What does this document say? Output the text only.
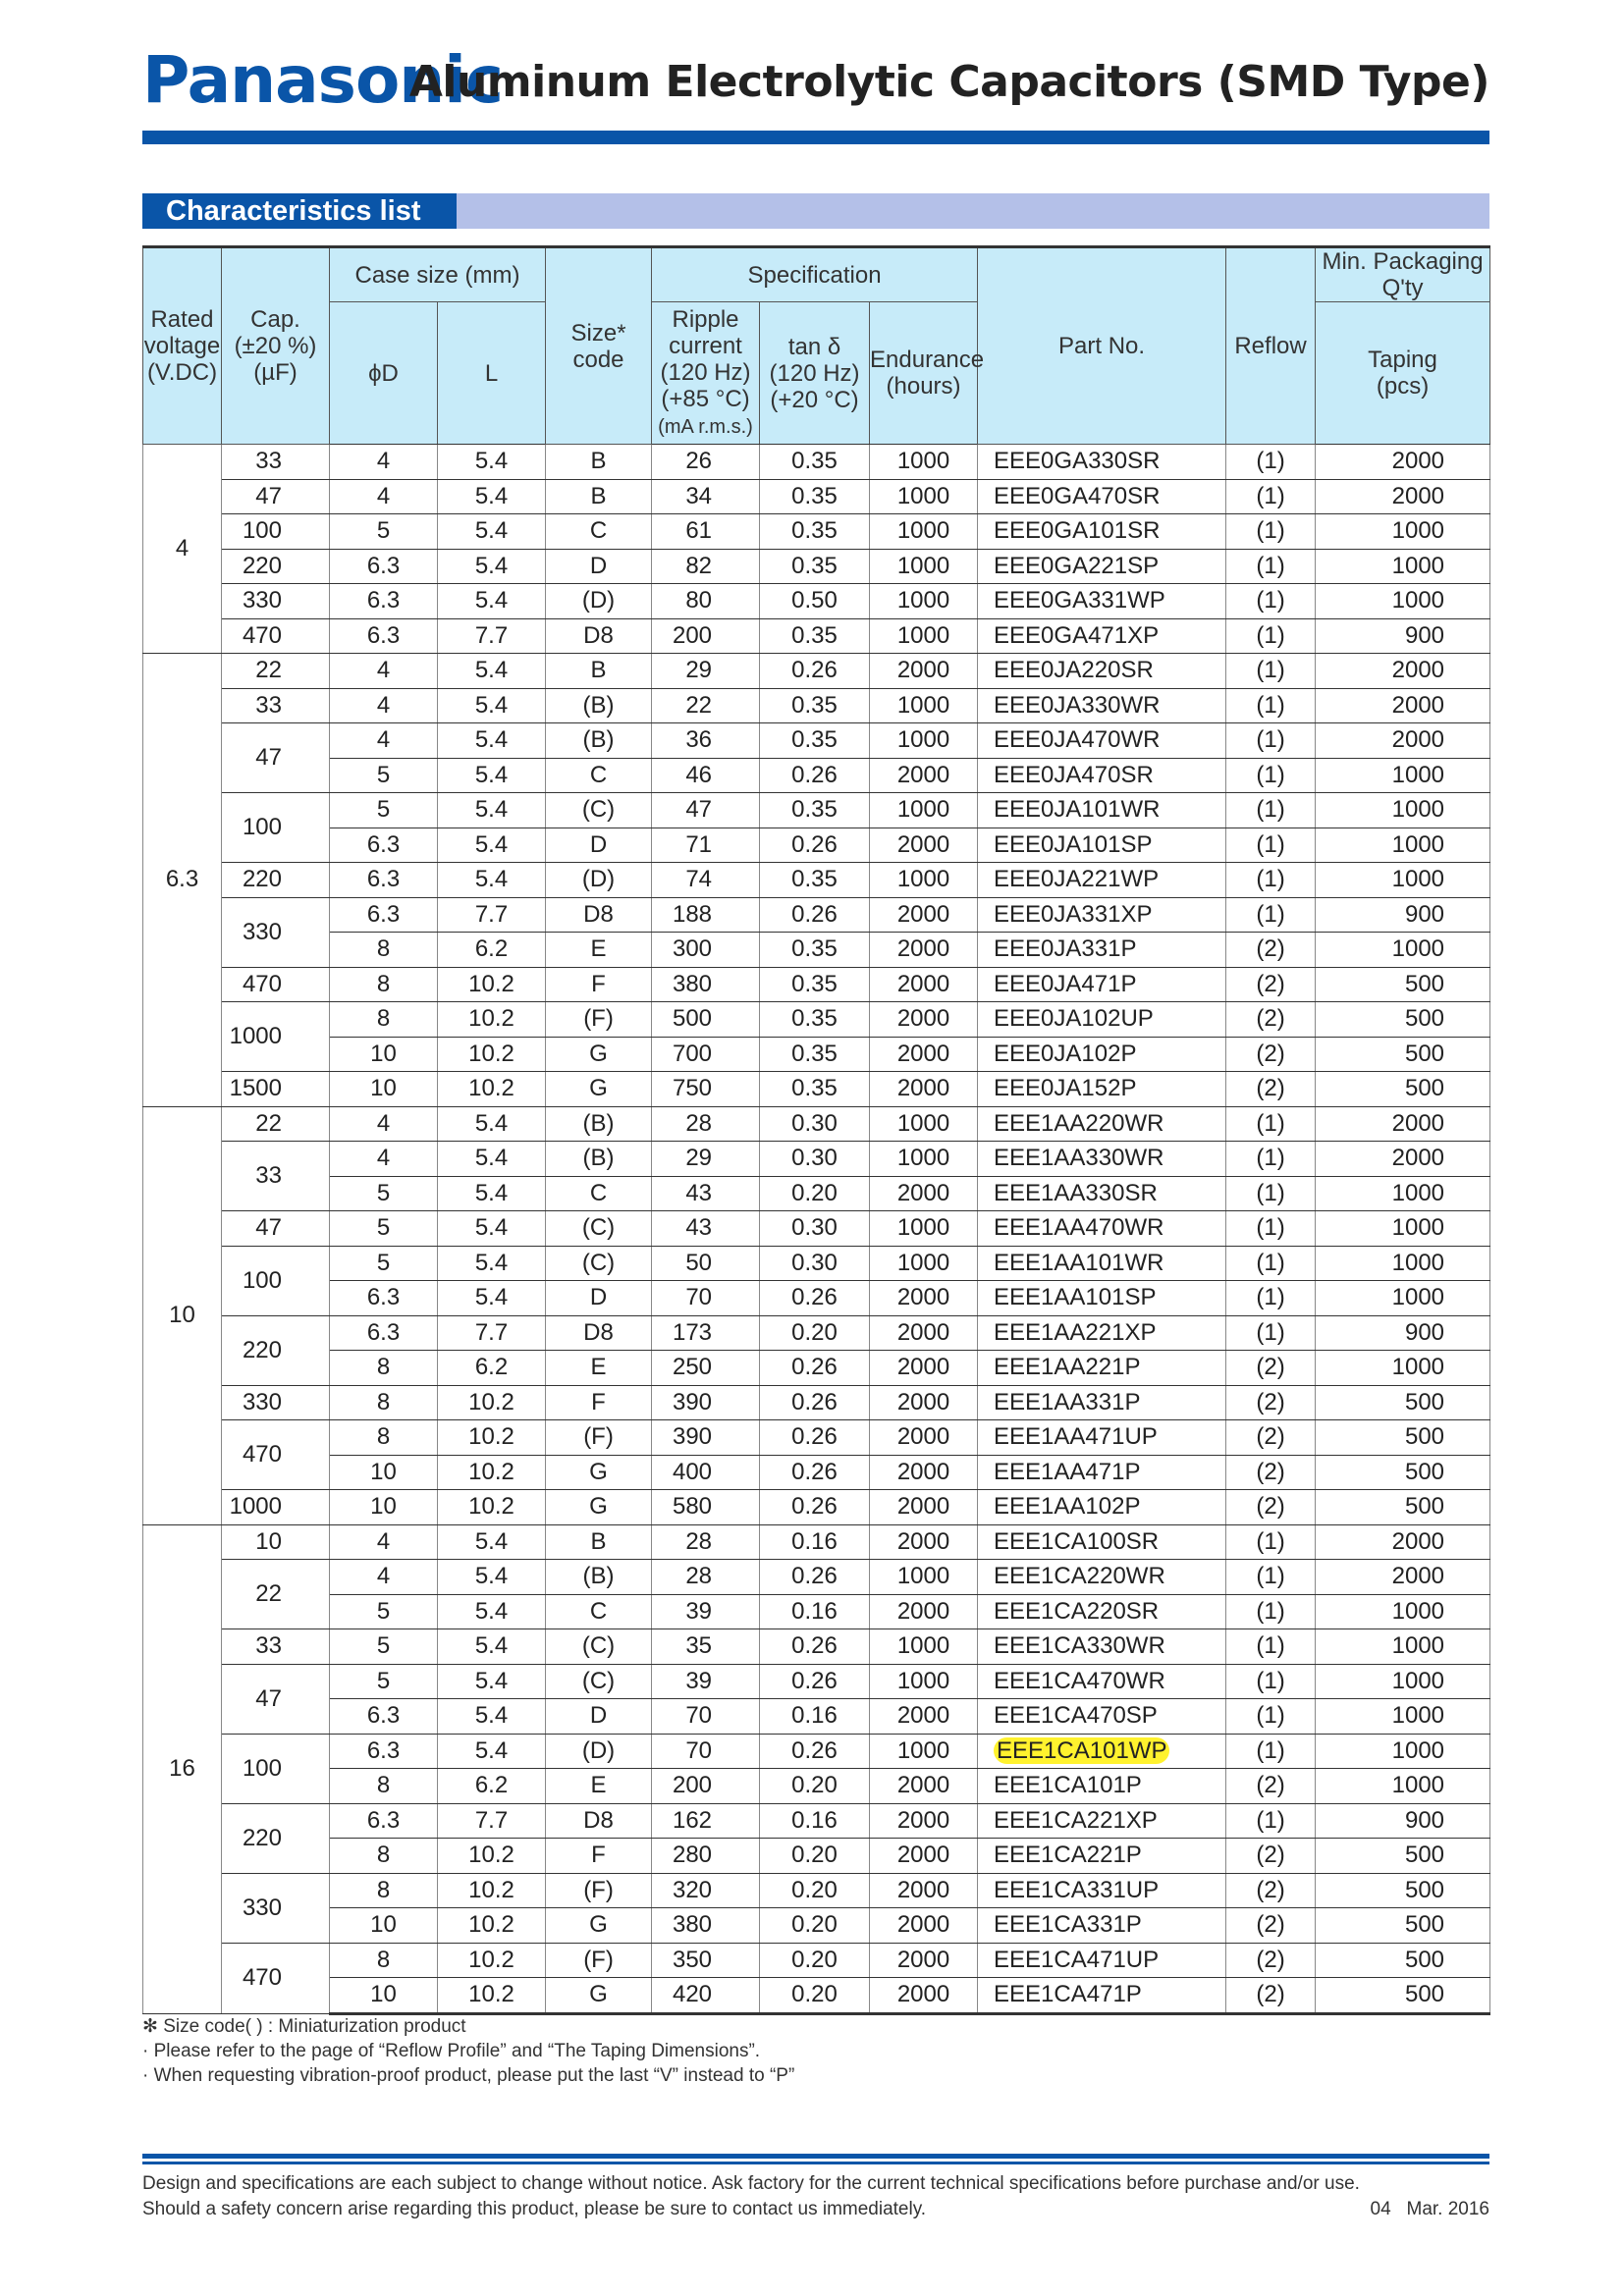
Panasonic
Aluminum Electrolytic Capacitors (SMD Type)
Characteristics list
Rated
voltage
(V.DC)	Cap.
(±20 %)
(µF)	Case size (mm)		Size*
code	Specification			Part No.	Reflow	Min. Packaging Q'ty
		ϕD	L		Ripple
current
(120 Hz)
(+85 °C)
(mA r.m.s.)	tan δ
(120 Hz)
(+20 °C)	Endurance
(hours)			Taping
(pcs)
4	33	4	5.4	B	26	0.35	1000	EEE0GA330SR	(1)	2000
	47	4	5.4	B	34	0.35	1000	EEE0GA470SR	(1)	2000
	100	5	5.4	C	61	0.35	1000	EEE0GA101SR	(1)	1000
	220	6.3	5.4	D	82	0.35	1000	EEE0GA221SP	(1)	1000
	330	6.3	5.4	(D)	80	0.50	1000	EEE0GA331WP	(1)	1000
	470	6.3	7.7	D8	200	0.35	1000	EEE0GA471XP	(1)	900
6.3	22	4	5.4	B	29	0.26	2000	EEE0JA220SR	(1)	2000
	33	4	5.4	(B)	22	0.35	1000	EEE0JA330WR	(1)	2000
	47	4	5.4	(B)	36	0.35	1000	EEE0JA470WR	(1)	2000
		5	5.4	C	46	0.26	2000	EEE0JA470SR	(1)	1000
	100	5	5.4	(C)	47	0.35	1000	EEE0JA101WR	(1)	1000
		6.3	5.4	D	71	0.26	2000	EEE0JA101SP	(1)	1000
	220	6.3	5.4	(D)	74	0.35	1000	EEE0JA221WP	(1)	1000
	330	6.3	7.7	D8	188	0.26	2000	EEE0JA331XP	(1)	900
		8	6.2	E	300	0.35	2000	EEE0JA331P	(2)	1000
	470	8	10.2	F	380	0.35	2000	EEE0JA471P	(2)	500
	1000	8	10.2	(F)	500	0.35	2000	EEE0JA102UP	(2)	500
		10	10.2	G	700	0.35	2000	EEE0JA102P	(2)	500
	1500	10	10.2	G	750	0.35	2000	EEE0JA152P	(2)	500
10	22	4	5.4	(B)	28	0.30	1000	EEE1AA220WR	(1)	2000
	33	4	5.4	(B)	29	0.30	1000	EEE1AA330WR	(1)	2000
		5	5.4	C	43	0.20	2000	EEE1AA330SR	(1)	1000
	47	5	5.4	(C)	43	0.30	1000	EEE1AA470WR	(1)	1000
	100	5	5.4	(C)	50	0.30	1000	EEE1AA101WR	(1)	1000
		6.3	5.4	D	70	0.26	2000	EEE1AA101SP	(1)	1000
	220	6.3	7.7	D8	173	0.20	2000	EEE1AA221XP	(1)	900
		8	6.2	E	250	0.26	2000	EEE1AA221P	(2)	1000
	330	8	10.2	F	390	0.26	2000	EEE1AA331P	(2)	500
	470	8	10.2	(F)	390	0.26	2000	EEE1AA471UP	(2)	500
		10	10.2	G	400	0.26	2000	EEE1AA471P	(2)	500
	1000	10	10.2	G	580	0.26	2000	EEE1AA102P	(2)	500
16	10	4	5.4	B	28	0.16	2000	EEE1CA100SR	(1)	2000
	22	4	5.4	(B)	28	0.26	1000	EEE1CA220WR	(1)	2000
		5	5.4	C	39	0.16	2000	EEE1CA220SR	(1)	1000
	33	5	5.4	(C)	35	0.26	1000	EEE1CA330WR	(1)	1000
	47	5	5.4	(C)	39	0.26	1000	EEE1CA470WR	(1)	1000
		6.3	5.4	D	70	0.16	2000	EEE1CA470SP	(1)	1000
	100	6.3	5.4	(D)	70	0.26	1000	EEE1CA101WP	(1)	1000
		8	6.2	E	200	0.20	2000	EEE1CA101P	(2)	1000
	220	6.3	7.7	D8	162	0.16	2000	EEE1CA221XP	(1)	900
		8	10.2	F	280	0.20	2000	EEE1CA221P	(2)	500
	330	8	10.2	(F)	320	0.20	2000	EEE1CA331UP	(2)	500
		10	10.2	G	380	0.20	2000	EEE1CA331P	(2)	500
	470	8	10.2	(F)	350	0.20	2000	EEE1CA471UP	(2)	500
		10	10.2	G	420	0.20	2000	EEE1CA471P	(2)	500
✻ Size code( ) : Miniaturization product
· Please refer to the page of “Reflow Profile” and “The Taping Dimensions”.
· When requesting vibration-proof product, please put the last “V” instead to “P”
Design and specifications are each subject to change without notice. Ask factory for the current technical specifications before purchase and/or use.
Should a safety concern arise regarding this product, please be sure to contact us immediately.	04 Mar. 2016
